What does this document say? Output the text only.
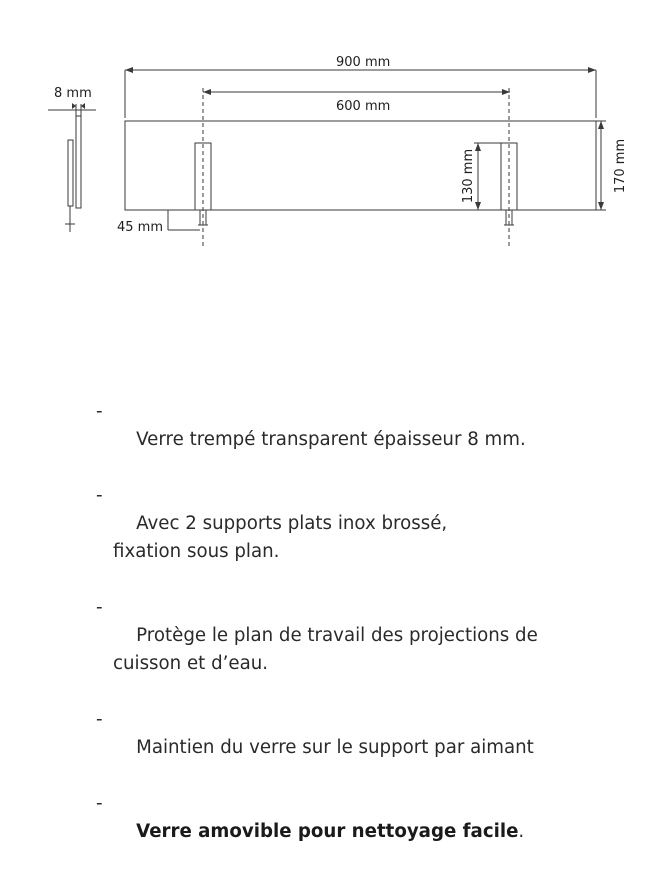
8 mm
900 mm
600 mm
170 mm
130 mm
45 mm

-
Verre trempé transparent épaisseur 8 mm.

-
Avec 2 supports plats inox brossé,
fixation sous plan.

-
Protège le plan de travail des projections de
cuisson et d’eau.

-
Maintien du verre sur le support par aimant

-
Verre amovible pour nettoyage facile.
